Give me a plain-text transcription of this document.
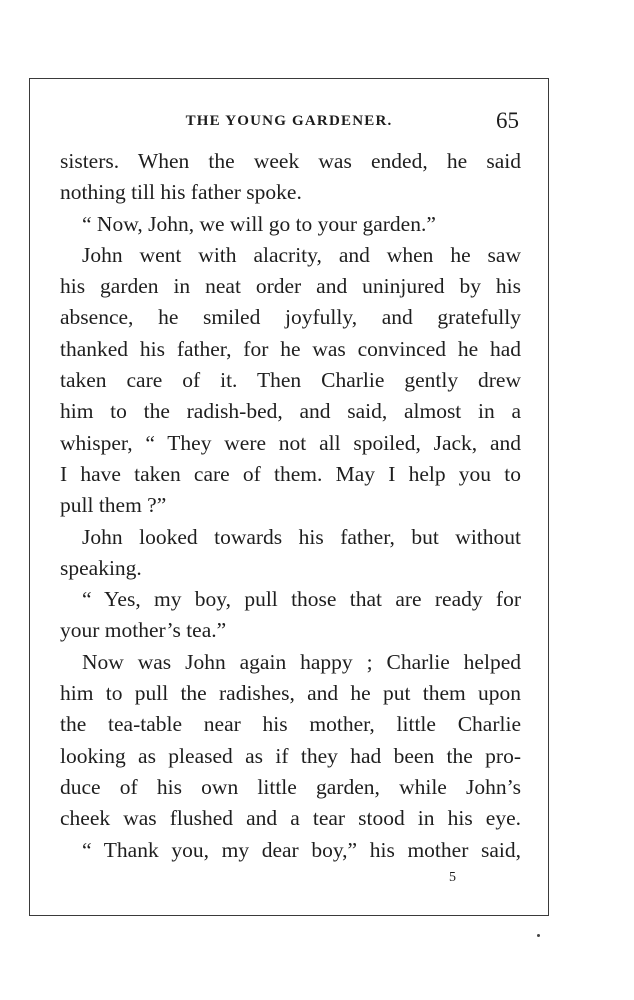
THE YOUNG GARDENER.	65
sisters. When the week was ended, he said
nothing till his father spoke.
“ Now, John, we will go to your garden.”
John went with alacrity, and when he saw
his garden in neat order and uninjured by his
absence, he smiled joyfully, and gratefully
thanked his father, for he was convinced he had
taken care of it. Then Charlie gently drew
him to the radish-bed, and said, almost in a
whisper, “ They were not all spoiled, Jack, and
I have taken care of them. May I help you to
pull them ?”
John looked towards his father, but without
speaking.
“ Yes, my boy, pull those that are ready for
your mother’s tea.”
Now was John again happy ; Charlie helped
him to pull the radishes, and he put them upon
the tea-table near his mother, little Charlie
looking as pleased as if they had been the pro-
duce of his own little garden, while John’s
cheek was flushed and a tear stood in his eye.
“ Thank you, my dear boy,” his mother said,
5
